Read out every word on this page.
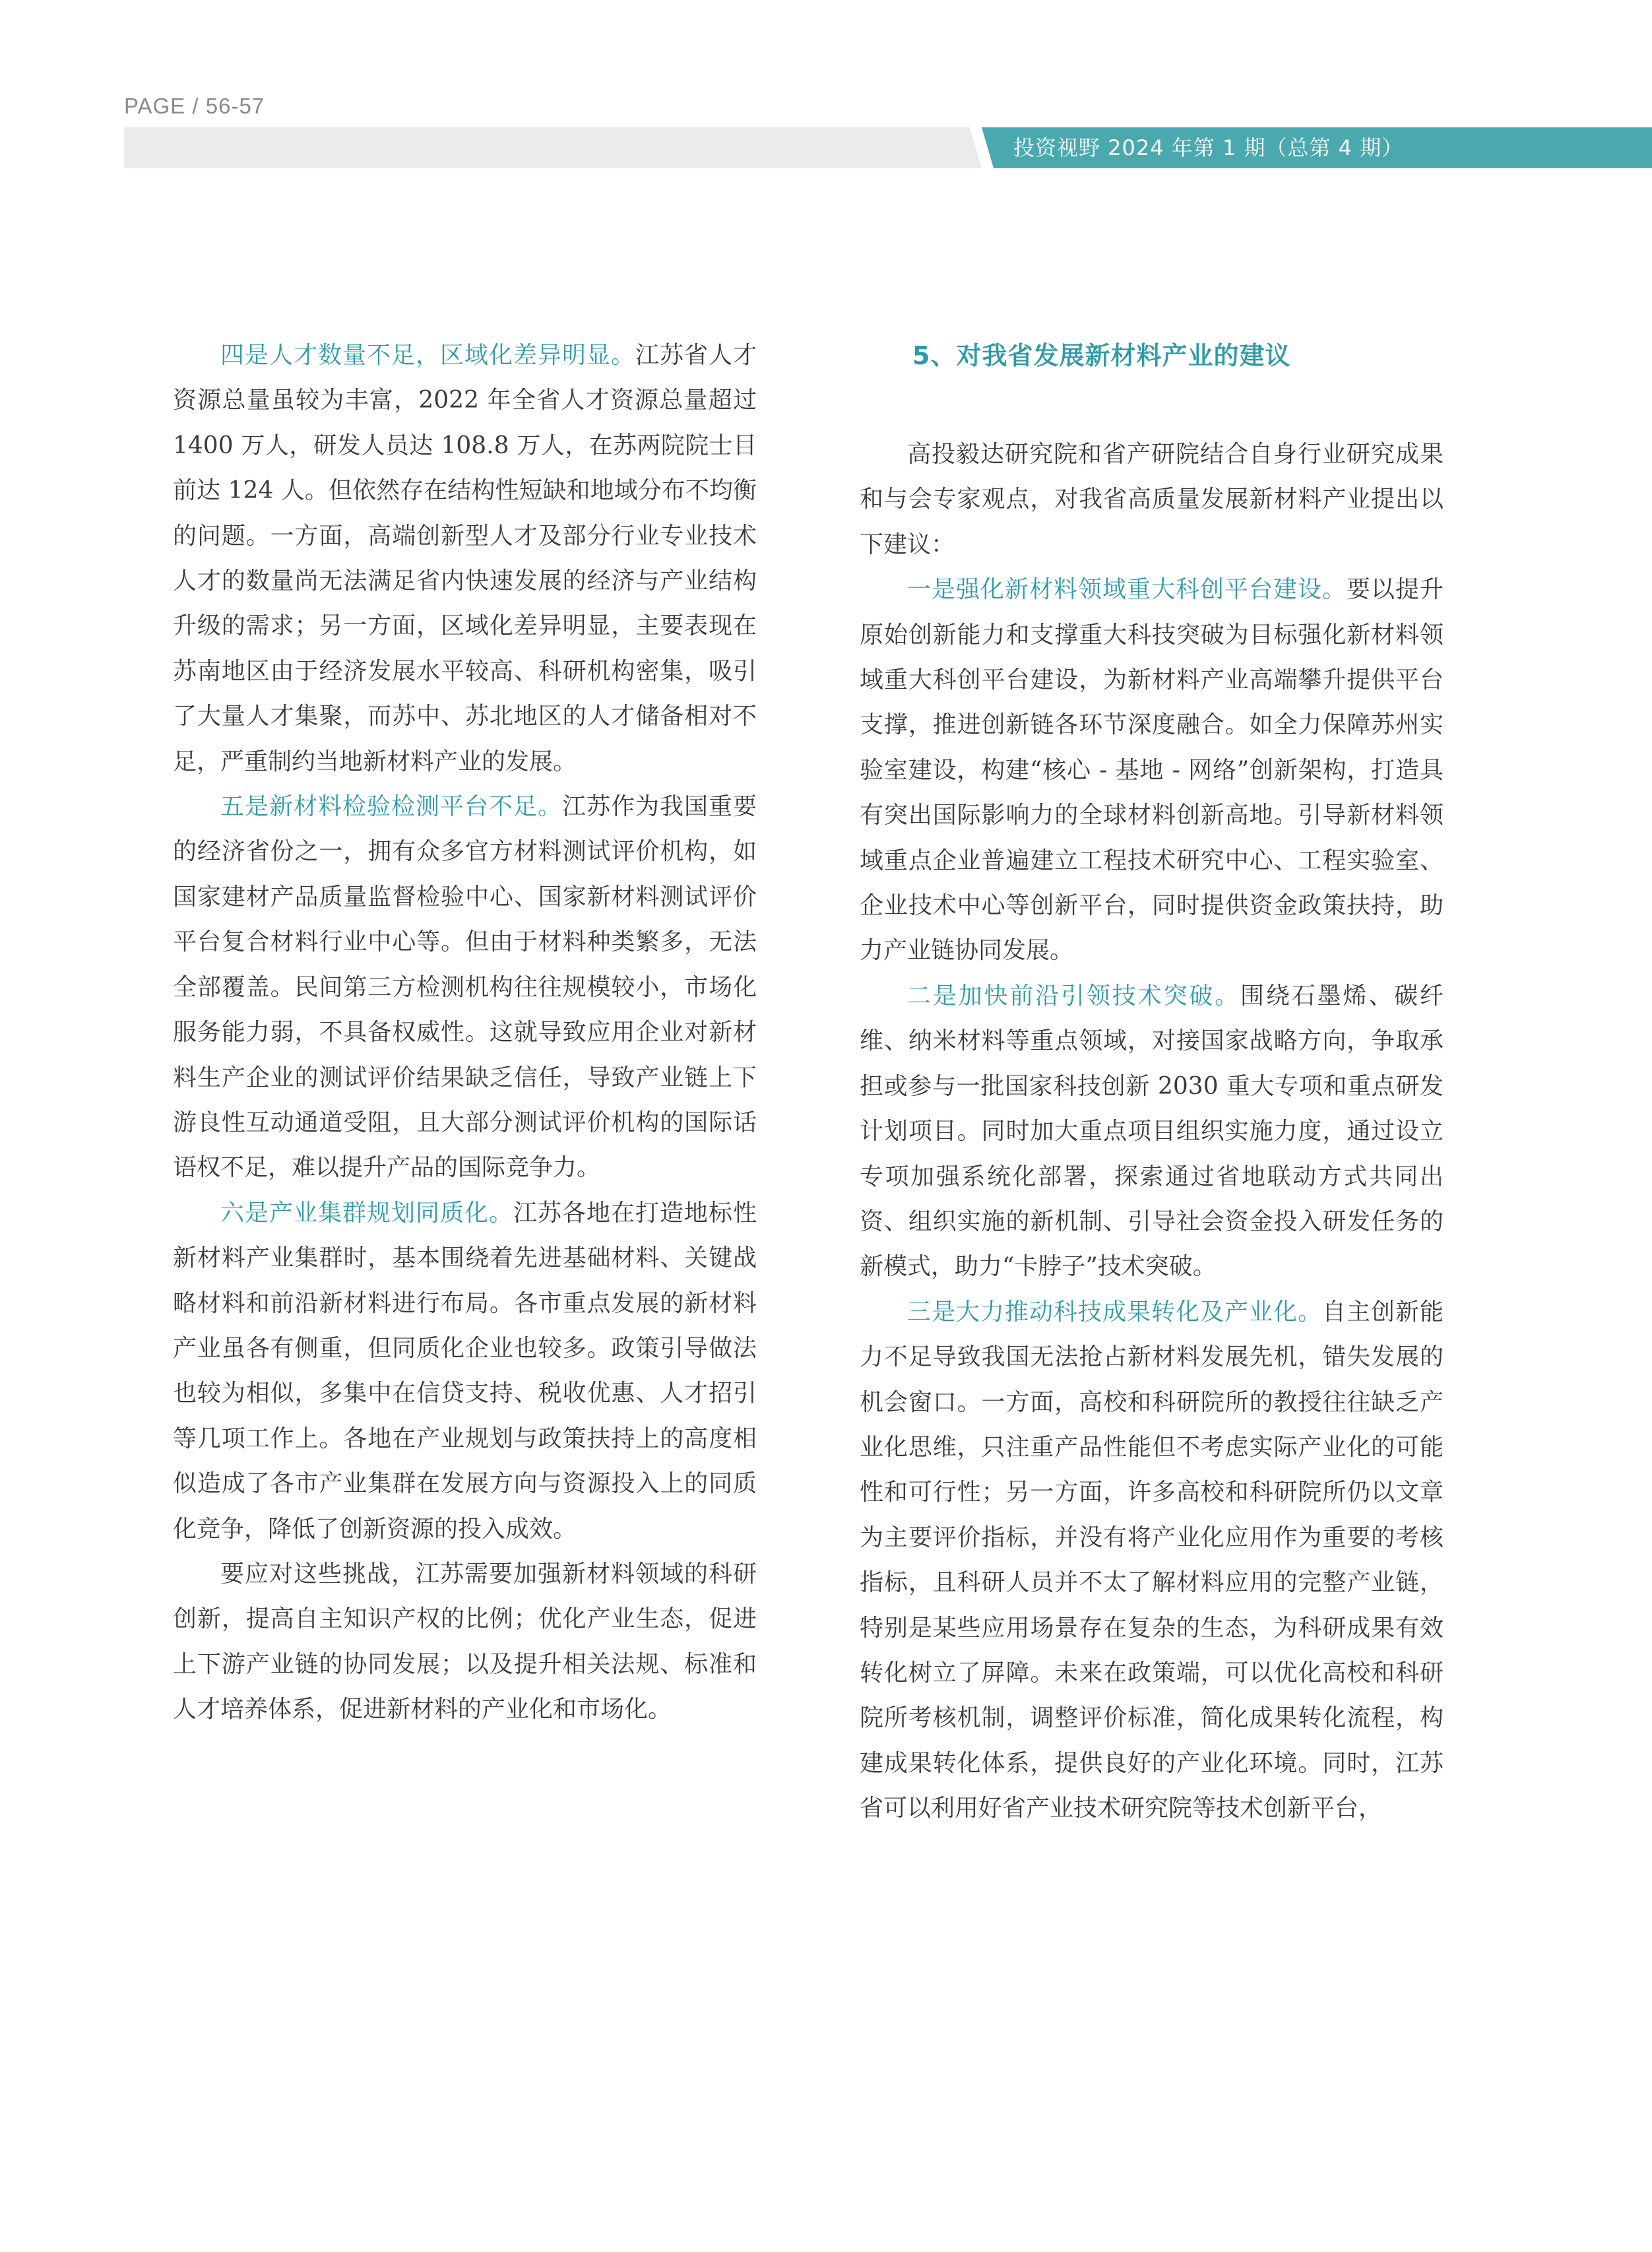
PAGE / 56-57
投资视野 2024 年第 1 期（总第 4 期）

四是人才数量不足，区域化差异明显。江苏省人才资源总量虽较为丰富，2022 年全省人才资源总量超过 1400 万人，研发人员达 108.8 万人，在苏两院院士目前达 124 人。但依然存在结构性短缺和地域分布不均衡的问题。一方面，高端创新型人才及部分行业专业技术人才的数量尚无法满足省内快速发展的经济与产业结构升级的需求；另一方面，区域化差异明显，主要表现在苏南地区由于经济发展水平较高、科研机构密集，吸引了大量人才集聚，而苏中、苏北地区的人才储备相对不足，严重制约当地新材料产业的发展。

五是新材料检验检测平台不足。江苏作为我国重要的经济省份之一，拥有众多官方材料测试评价机构，如国家建材产品质量监督检验中心、国家新材料测试评价平台复合材料行业中心等。但由于材料种类繁多，无法全部覆盖。民间第三方检测机构往往规模较小，市场化服务能力弱，不具备权威性。这就导致应用企业对新材料生产企业的测试评价结果缺乏信任，导致产业链上下游良性互动通道受阻，且大部分测试评价机构的国际话语权不足，难以提升产品的国际竞争力。

六是产业集群规划同质化。江苏各地在打造地标性新材料产业集群时，基本围绕着先进基础材料、关键战略材料和前沿新材料进行布局。各市重点发展的新材料产业虽各有侧重，但同质化企业也较多。政策引导做法也较为相似，多集中在信贷支持、税收优惠、人才招引等几项工作上。各地在产业规划与政策扶持上的高度相似造成了各市产业集群在发展方向与资源投入上的同质化竞争，降低了创新资源的投入成效。

要应对这些挑战，江苏需要加强新材料领域的科研创新，提高自主知识产权的比例；优化产业生态，促进上下游产业链的协同发展；以及提升相关法规、标准和人才培养体系，促进新材料的产业化和市场化。

5、对我省发展新材料产业的建议

高投毅达研究院和省产研院结合自身行业研究成果和与会专家观点，对我省高质量发展新材料产业提出以下建议：

一是强化新材料领域重大科创平台建设。要以提升原始创新能力和支撑重大科技突破为目标强化新材料领域重大科创平台建设，为新材料产业高端攀升提供平台支撑，推进创新链各环节深度融合。如全力保障苏州实验室建设，构建“核心 - 基地 - 网络”创新架构，打造具有突出国际影响力的全球材料创新高地。引导新材料领域重点企业普遍建立工程技术研究中心、工程实验室、企业技术中心等创新平台，同时提供资金政策扶持，助力产业链协同发展。

二是加快前沿引领技术突破。围绕石墨烯、碳纤维、纳米材料等重点领域，对接国家战略方向，争取承担或参与一批国家科技创新 2030 重大专项和重点研发计划项目。同时加大重点项目组织实施力度，通过设立专项加强系统化部署，探索通过省地联动方式共同出资、组织实施的新机制、引导社会资金投入研发任务的新模式，助力“卡脖子”技术突破。

三是大力推动科技成果转化及产业化。自主创新能力不足导致我国无法抢占新材料发展先机，错失发展的机会窗口。一方面，高校和科研院所的教授往往缺乏产业化思维，只注重产品性能但不考虑实际产业化的可能性和可行性；另一方面，许多高校和科研院所仍以文章为主要评价指标，并没有将产业化应用作为重要的考核指标，且科研人员并不太了解材料应用的完整产业链，特别是某些应用场景存在复杂的生态，为科研成果有效转化树立了屏障。未来在政策端，可以优化高校和科研院所考核机制，调整评价标准，简化成果转化流程，构建成果转化体系，提供良好的产业化环境。同时，江苏省可以利用好省产业技术研究院等技术创新平台，
